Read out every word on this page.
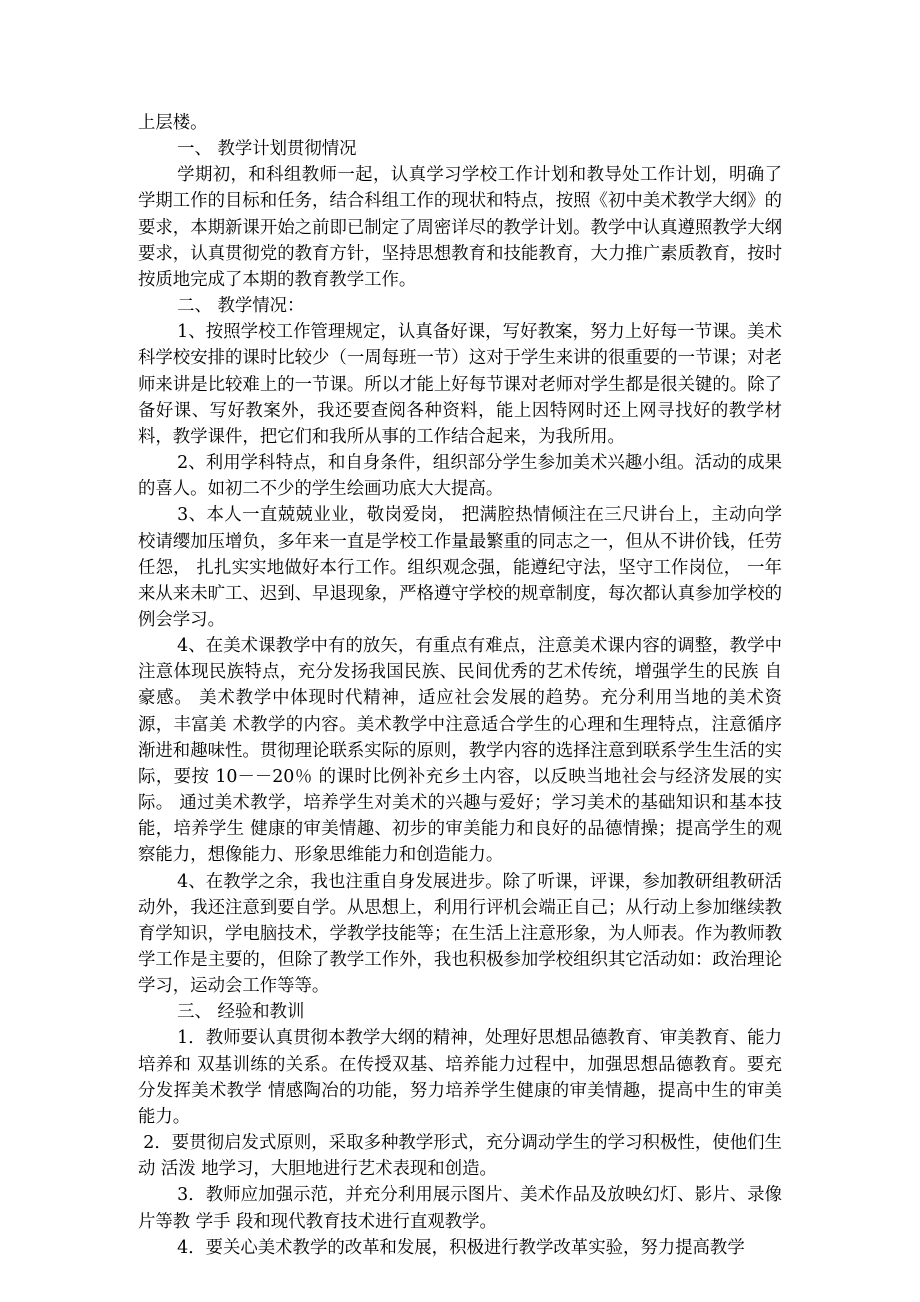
上层楼。

一、 教学计划贯彻情况

学期初，和科组教师一起，认真学习学校工作计划和教导处工作计划，明确了学期工作的目标和任务，结合科组工作的现状和特点，按照《初中美术教学大纲》的要求，本期新课开始之前即已制定了周密详尽的教学计划。教学中认真遵照教学大纲要求，认真贯彻党的教育方针，坚持思想教育和技能教育，大力推广素质教育，按时按质地完成了本期的教育教学工作。

二、 教学情况：

1、按照学校工作管理规定，认真备好课，写好教案，努力上好每一节课。美术科学校安排的课时比较少（一周每班一节）这对于学生来讲的很重要的一节课；对老师来讲是比较难上的一节课。所以才能上好每节课对老师对学生都是很关键的。除了备好课、写好教案外，我还要查阅各种资料，能上因特网时还上网寻找好的教学材料，教学课件，把它们和我所从事的工作结合起来，为我所用。

2、利用学科特点，和自身条件，组织部分学生参加美术兴趣小组。活动的成果的喜人。如初二不少的学生绘画功底大大提高。

3、本人一直兢兢业业，敬岗爱岗， 把满腔热情倾注在三尺讲台上，主动向学校请缨加压增负，多年来一直是学校工作量最繁重的同志之一，但从不讲价钱，任劳任怨， 扎扎实实地做好本行工作。组织观念强，能遵纪守法，坚守工作岗位， 一年来从来未旷工、迟到、早退现象，严格遵守学校的规章制度，每次都认真参加学校的例会学习。

4、在美术课教学中有的放矢，有重点有难点，注意美术课内容的调整，教学中注意体现民族特点，充分发扬我国民族、民间优秀的艺术传统，增强学生的民族 自豪感。 美术教学中体现时代精神，适应社会发展的趋势。充分利用当地的美术资源，丰富美 术教学的内容。美术教学中注意适合学生的心理和生理特点，注意循序渐进和趣味性。贯彻理论联系实际的原则，教学内容的选择注意到联系学生生活的实际，要按 10－－20％ 的课时比例补充乡土内容，以反映当地社会与经济发展的实际。 通过美术教学，培养学生对美术的兴趣与爱好；学习美术的基础知识和基本技能，培养学生 健康的审美情趣、初步的审美能力和良好的品德情操；提高学生的观察能力，想像能力、形象思维能力和创造能力。

4、在教学之余，我也注重自身发展进步。除了听课，评课，参加教研组教研活动外，我还注意到要自学。从思想上，利用行评机会端正自己；从行动上参加继续教育学知识，学电脑技术，学教学技能等；在生活上注意形象，为人师表。作为教师教学工作是主要的，但除了教学工作外，我也积极参加学校组织其它活动如：政治理论学习，运动会工作等等。

三、 经验和教训

1．教师要认真贯彻本教学大纲的精神，处理好思想品德教育、审美教育、能力培养和 双基训练的关系。在传授双基、培养能力过程中，加强思想品德教育。要充分发挥美术教学 情感陶冶的功能，努力培养学生健康的审美情趣，提高中生的审美能力。

2．要贯彻启发式原则，采取多种教学形式，充分调动学生的学习积极性，使他们生动 活泼 地学习，大胆地进行艺术表现和创造。

3．教师应加强示范，并充分利用展示图片、美术作品及放映幻灯、影片、录像片等教 学手 段和现代教育技术进行直观教学。

4．要关心美术教学的改革和发展，积极进行教学改革实验，努力提高教学
